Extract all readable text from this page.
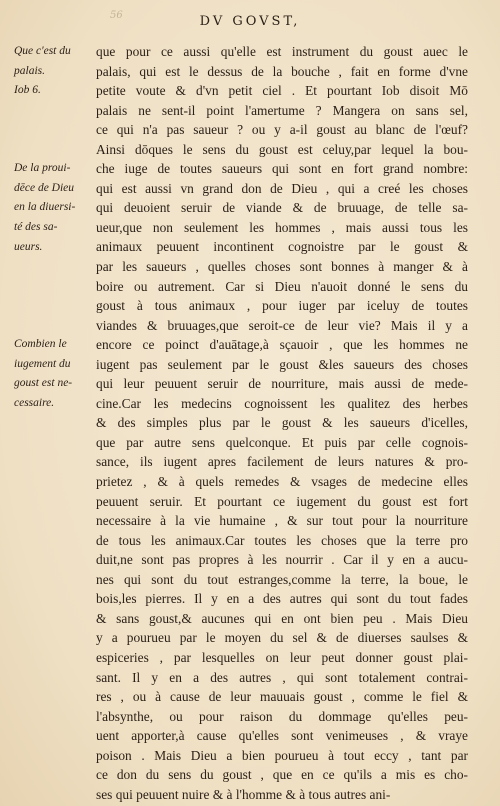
56	DV GOVST,
Que c'est du
palais.
Iob 6.
De la proui-
dēce de Dieu
en la diuersi-
té des sa-
ueurs.
Combien le
iugement du
goust est ne-
cessaire.
que pour ce aussi qu'elle est instrument du goust auec le
palais, qui est le dessus de la bouche , fait en forme d'vne
petite voute & d'vn petit ciel . Et pourtant Iob disoit Mō
palais ne sent-il point l'amertume ? Mangera on sans sel,
ce qui n'a pas saueur ? ou y a-il goust au blanc de l'œuf?
Ainsi dōques le sens du goust est celuy,par lequel la bou-
che iuge de toutes saueurs qui sont en fort grand nombre:
qui est aussi vn grand don de Dieu , qui a creé les choses
qui deuoient seruir de viande & de bruuage, de telle sa-
ueur,que non seulement les hommes , mais aussi tous les
animaux peuuent incontinent cognoistre par le goust &
par les saueurs , quelles choses sont bonnes à manger & à
boire ou autrement. Car si Dieu n'auoit donné le sens du
goust à tous animaux , pour iuger par iceluy de toutes
viandes & bruuages,que seroit-ce de leur vie? Mais il y a
encore ce poinct d'auātage,à sçauoir , que les hommes ne
iugent pas seulement par le goust &les saueurs des choses
qui leur peuuent seruir de nourriture, mais aussi de mede-
cine.Car les medecins cognoissent les qualitez des herbes
& des simples plus par le goust & les saueurs d'icelles,
que par autre sens quelconque. Et puis par celle cognois-
sance, ils iugent apres facilement de leurs natures & pro-
prietez , & à quels remedes & vsages de medecine elles
peuuent seruir. Et pourtant ce iugement du goust est fort
necessaire à la vie humaine , & sur tout pour la nourriture
de tous les animaux.Car toutes les choses que la terre pro
duit,ne sont pas propres à les nourrir . Car il y en a aucu-
nes qui sont du tout estranges,comme la terre, la boue, le
bois,les pierres. Il y en a des autres qui sont du tout fades
& sans goust,& aucunes qui en ont bien peu . Mais Dieu
y a pourueu par le moyen du sel & de diuerses saulses &
espiceries , par lesquelles on leur peut donner goust plai-
sant. Il y en a des autres , qui sont totalement contrai-
res , ou à cause de leur mauuais goust , comme le fiel &
l'absynthe, ou pour raison du dommage qu'elles peu-
uent apporter,à cause qu'elles sont venimeuses , & vraye
poison . Mais Dieu a bien pourueu à tout eccy , tant par
ce don du sens du goust , que en ce qu'ils a mis es cho-
ses qui peuuent nuire & à l'homme & à tous autres ani-
